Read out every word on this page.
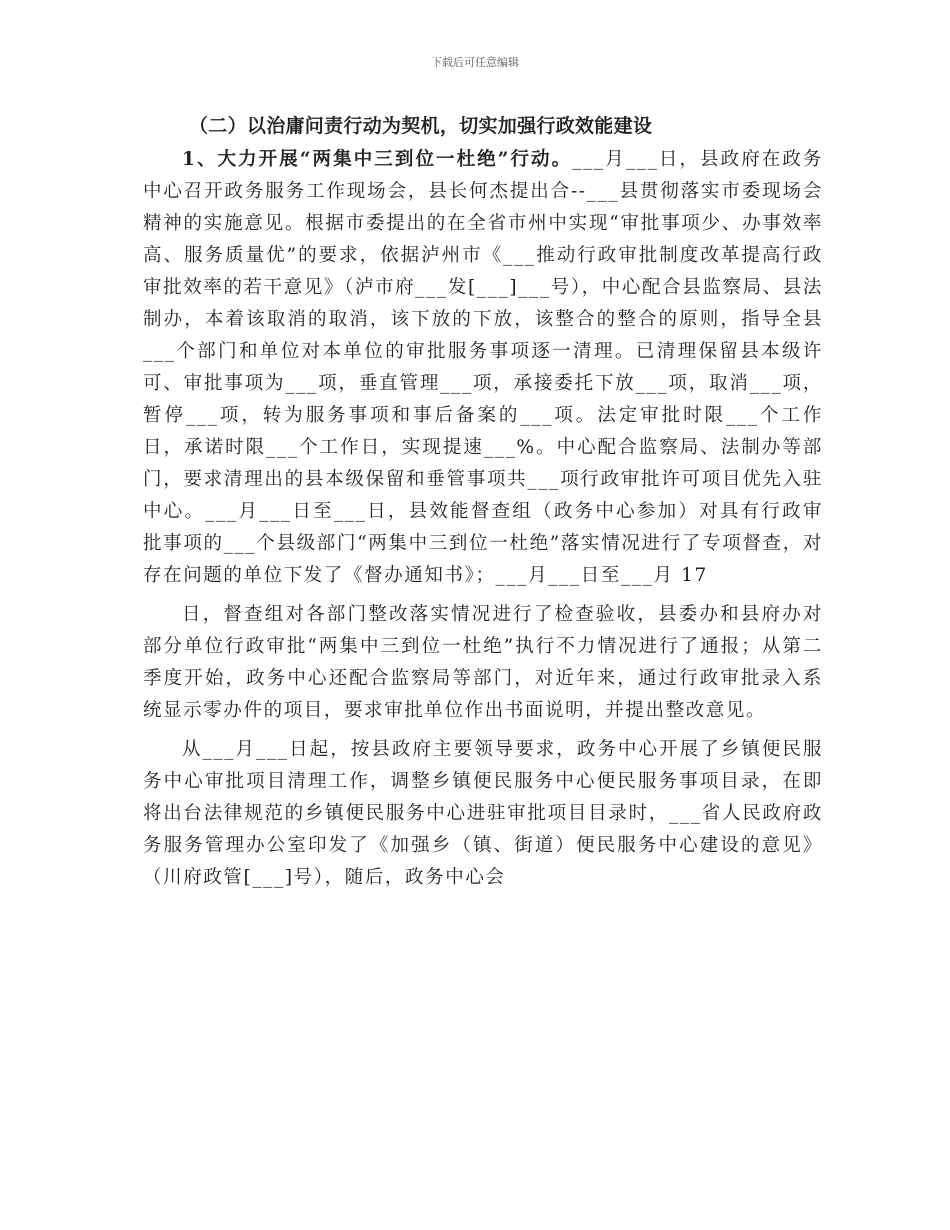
下载后可任意编辑
（二）以治庸问责行动为契机，切实加强行政效能建设

1、大力开展“两集中三到位一杜绝”行动。___月___日，县政府在政务中心召开政务服务工作现场会，县长何杰提出合--___县贯彻落实市委现场会精神的实施意见。根据市委提出的在全省市州中实现“审批事项少、办事效率高、服务质量优”的要求，依据泸州市《___推动行政审批制度改革提高行政审批效率的若干意见》（泸市府___发[___]___号），中心配合县监察局、县法制办，本着该取消的取消，该下放的下放，该整合的整合的原则，指导全县___个部门和单位对本单位的审批服务事项逐一清理。已清理保留县本级许可、审批事项为___项，垂直管理___项，承接委托下放___项，取消___项，暂停___项，转为服务事项和事后备案的___项。法定审批时限___个工作日，承诺时限___个工作日，实现提速___%。中心配合监察局、法制办等部门，要求清理出的县本级保留和垂管事项共___项行政审批许可项目优先入驻中心。___月___日至___日，县效能督查组（政务中心参加）对具有行政审批事项的___个县级部门“两集中三到位一杜绝”落实情况进行了专项督查，对存在问题的单位下发了《督办通知书》；___月___日至___月 17

日，督查组对各部门整改落实情况进行了检查验收，县委办和县府办对部分单位行政审批“两集中三到位一杜绝”执行不力情况进行了通报；从第二季度开始，政务中心还配合监察局等部门，对近年来，通过行政审批录入系统显示零办件的项目，要求审批单位作出书面说明，并提出整改意见。

从___月___日起，按县政府主要领导要求，政务中心开展了乡镇便民服务中心审批项目清理工作，调整乡镇便民服务中心便民服务事项目录，在即将出台法律规范的乡镇便民服务中心进驻审批项目目录时，___省人民政府政务服务管理办公室印发了《加强乡（镇、街道）便民服务中心建设的意见》（川府政管[___]号），随后，政务中心会
